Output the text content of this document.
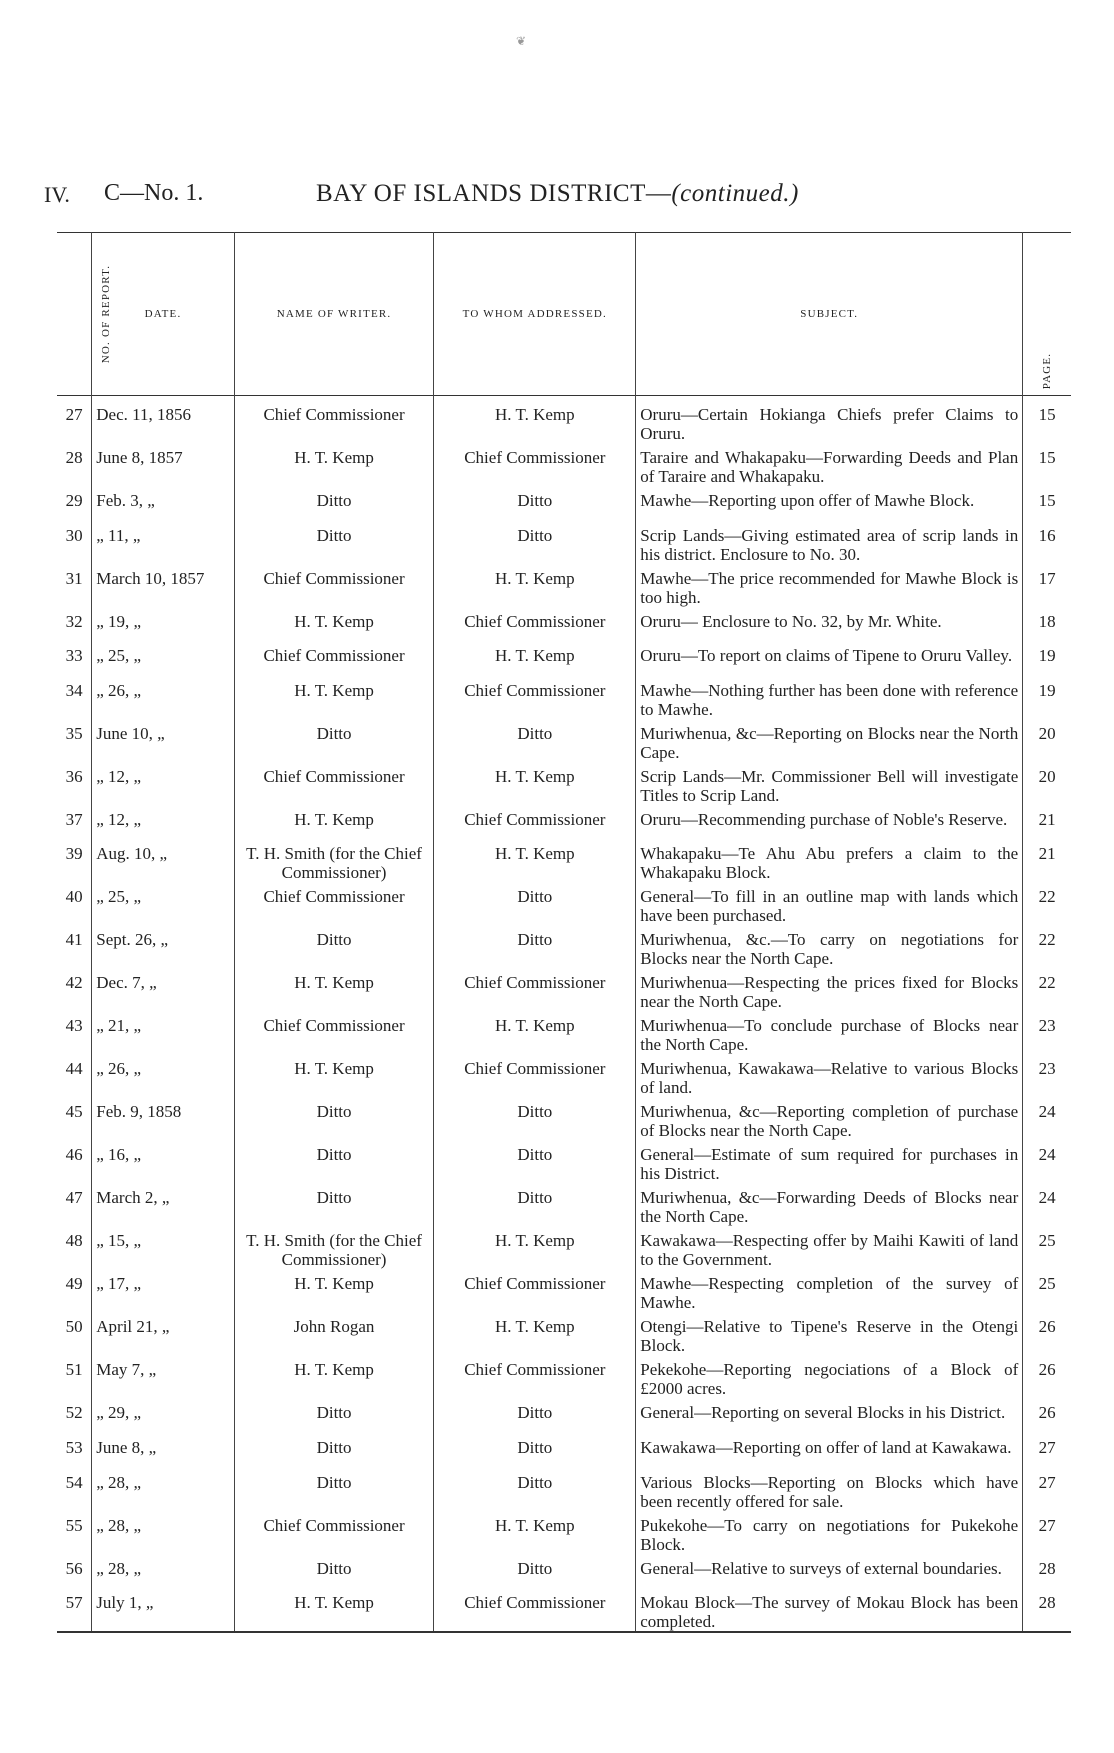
❦
IV. C—No. 1.	BAY OF ISLANDS DISTRICT—(continued.)
NO. OF REPORT.	DATE.	NAME OF WRITER.	TO WHOM ADDRESSED.	SUBJECT.	PAGE.
27	Dec. 11, 1856	Chief Commissioner	H. T. Kemp	Oruru—Certain Hokianga Chiefs prefer Claims to Oruru.	15
28	June 8, 1857	H. T. Kemp	Chief Commissioner	Taraire and Whakapaku—Forwarding Deeds and Plan of Taraire and Whakapaku.	15
29	Feb. 3, „	Ditto	Ditto	Mawhe—Reporting upon offer of Mawhe Block.	15
30	„ 11, „	Ditto	Ditto	Scrip Lands—Giving estimated area of scrip lands in his district. Enclosure to No. 30.	16
31	March 10, 1857	Chief Commissioner	H. T. Kemp	Mawhe—The price recommended for Mawhe Block is too high.	17
32	„ 19, „	H. T. Kemp	Chief Commissioner	Oruru— Enclosure to No. 32, by Mr. White.	18
33	„ 25, „	Chief Commissioner	H. T. Kemp	Oruru—To report on claims of Tipene to Oruru Valley.	19
34	„ 26, „	H. T. Kemp	Chief Commissioner	Mawhe—Nothing further has been done with reference to Mawhe.	19
35	June 10, „	Ditto	Ditto	Muriwhenua, &c—Reporting on Blocks near the North Cape.	20
36	„ 12, „	Chief Commissioner	H. T. Kemp	Scrip Lands—Mr. Commissioner Bell will investigate Titles to Scrip Land.	20
37	„ 12, „	H. T. Kemp	Chief Commissioner	Oruru—Recommending purchase of Noble's Reserve.	21
39	Aug. 10, „	T. H. Smith (for the Chief Commissioner)	H. T. Kemp	Whakapaku—Te Ahu Abu prefers a claim to the Whakapaku Block.	21
40	„ 25, „	Chief Commissioner	Ditto	General—To fill in an outline map with lands which have been purchased.	22
41	Sept. 26, „	Ditto	Ditto	Muriwhenua, &c.—To carry on negotiations for Blocks near the North Cape.	22
42	Dec. 7, „	H. T. Kemp	Chief Commissioner	Muriwhenua—Respecting the prices fixed for Blocks near the North Cape.	22
43	„ 21, „	Chief Commissioner	H. T. Kemp	Muriwhenua—To conclude purchase of Blocks near the North Cape.	23
44	„ 26, „	H. T. Kemp	Chief Commissioner	Muriwhenua, Kawakawa—Relative to various Blocks of land.	23
45	Feb. 9, 1858	Ditto	Ditto	Muriwhenua, &c—Reporting completion of purchase of Blocks near the North Cape.	24
46	„ 16, „	Ditto	Ditto	General—Estimate of sum required for purchases in his District.	24
47	March 2, „	Ditto	Ditto	Muriwhenua, &c—Forwarding Deeds of Blocks near the North Cape.	24
48	„ 15, „	T. H. Smith (for the Chief Commissioner)	H. T. Kemp	Kawakawa—Respecting offer by Maihi Kawiti of land to the Government.	25
49	„ 17, „	H. T. Kemp	Chief Commissioner	Mawhe—Respecting completion of the survey of Mawhe.	25
50	April 21, „	John Rogan	H. T. Kemp	Otengi—Relative to Tipene's Reserve in the Otengi Block.	26
51	May 7, „	H. T. Kemp	Chief Commissioner	Pekekohe—Reporting negociations of a Block of £2000 acres.	26
52	„ 29, „	Ditto	Ditto	General—Reporting on several Blocks in his District.	26
53	June 8, „	Ditto	Ditto	Kawakawa—Reporting on offer of land at Kawakawa.	27
54	„ 28, „	Ditto	Ditto	Various Blocks—Reporting on Blocks which have been recently offered for sale.	27
55	„ 28, „	Chief Commissioner	H. T. Kemp	Pukekohe—To carry on negotiations for Pukekohe Block.	27
56	„ 28, „	Ditto	Ditto	General—Relative to surveys of external boundaries.	28
57	July 1, „	H. T. Kemp	Chief Commissioner	Mokau Block—The survey of Mokau Block has been completed.	28
